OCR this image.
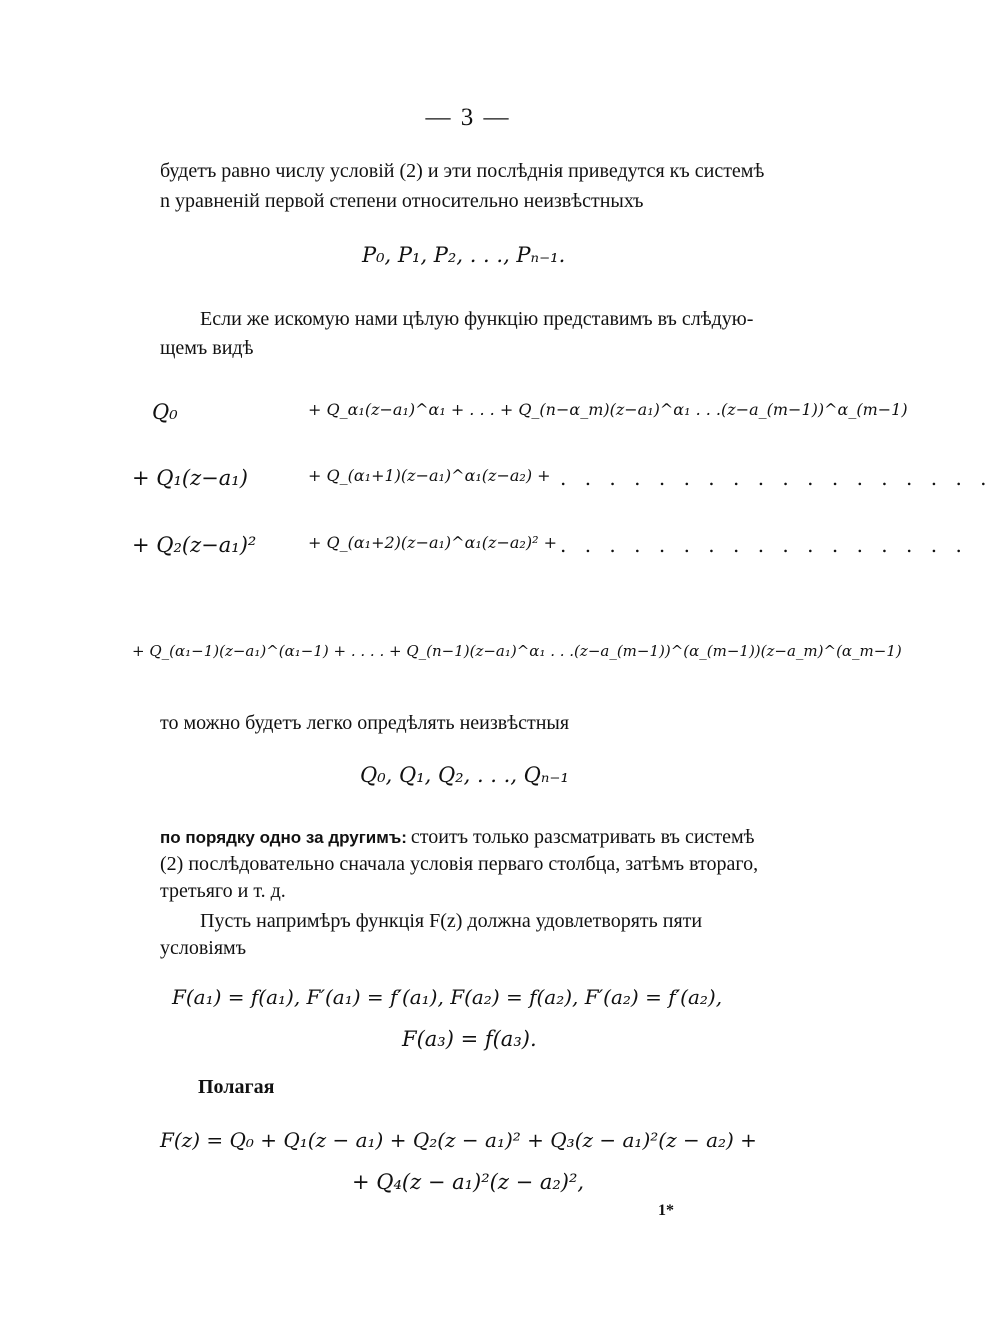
— 3 —
будетъ равно числу условій (2) и эти послѣднія приведутся къ системѣ
n уравненій первой степени относительно неизвѣстныхъ
P₀, P₁, P₂, . . ., Pₙ₋₁.
Если же искомую нами цѣлую функцію представимъ въ слѣдую-
щемъ видѣ
Q₀	+ Q_α₁(z−a₁)^α₁ + . . . + Q_(n−α_m)(z−a₁)^α₁ . . .(z−a_(m−1))^α_(m−1)
+ Q₁(z−a₁)	+ Q_(α₁+1)(z−a₁)^α₁(z−a₂) + . . . . . . . . . . . . . . . . . .
+ Q₂(z−a₁)²	+ Q_(α₁+2)(z−a₁)^α₁(z−a₂)² + . . . . . . . . . . . . . . . . .
+ Q_(α₁−1)(z−a₁)^(α₁−1) + . . . . + Q_(n−1)(z−a₁)^α₁ . . .(z−a_(m−1))^(α_(m−1))(z−a_m)^(α_m−1)
то можно будетъ легко опредѣлять неизвѣстныя
Q₀, Q₁, Q₂, . . ., Qₙ₋₁
по порядку одно за другимъ: стоитъ только разсматривать въ системѣ
(2) послѣдовательно сначала условія перваго столбца, затѣмъ втораго,
третьяго и т. д.
Пусть напримѣръ функція F(z) должна удовлетворять пяти
условіямъ
F(a₁) = f(a₁), F′(a₁) = f′(a₁), F(a₂) = f(a₂), F′(a₂) = f′(a₂),
F(a₃) = f(a₃).
Полагая
F(z) = Q₀ + Q₁(z − a₁) + Q₂(z − a₁)² + Q₃(z − a₁)²(z − a₂) +
+ Q₄(z − a₁)²(z − a₂)²,
1*
